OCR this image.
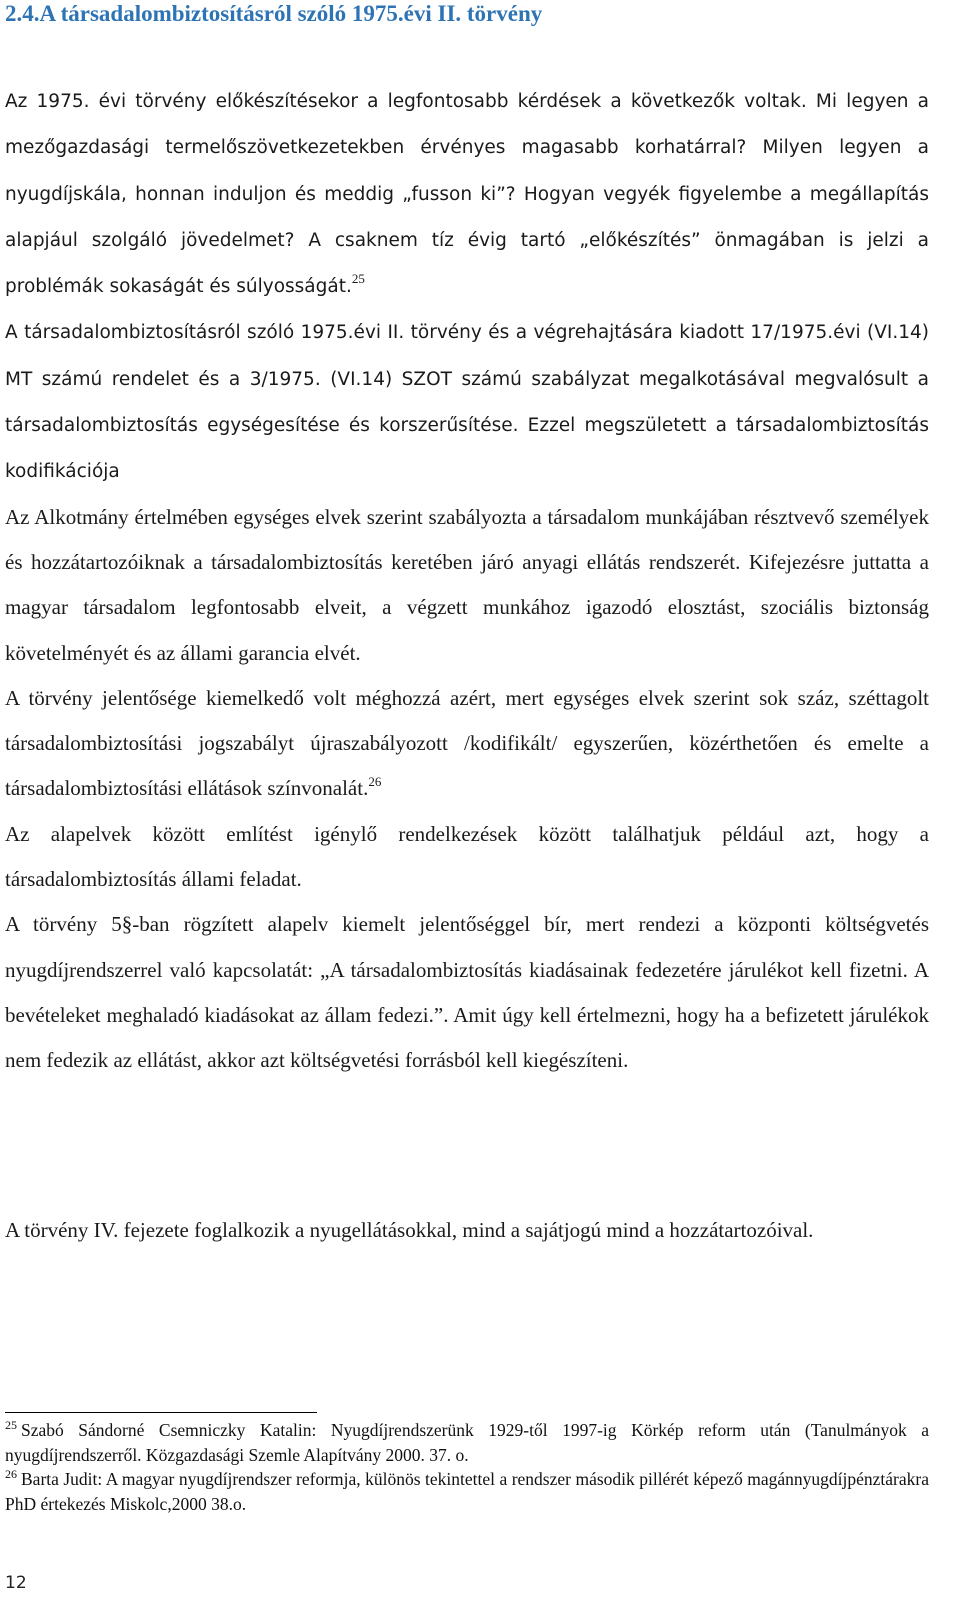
2.4.A társadalombiztosításról szóló 1975.évi II. törvény

Az 1975. évi törvény előkészítésekor a legfontosabb kérdések a következők voltak. Mi legyen a mezőgazdasági termelőszövetkezetekben érvényes magasabb korhatárral? Milyen legyen a nyugdíjskála, honnan induljon és meddig „fusson ki”? Hogyan vegyék figyelembe a megállapítás alapjául szolgáló jövedelmet? A csaknem tíz évig tartó „előkészítés” önmagában is jelzi a problémák sokaságát és súlyosságát.$^{25}$

A társadalombiztosításról szóló 1975.évi II. törvény és a végrehajtására kiadott 17/1975.évi (VI.14) MT számú rendelet és a 3/1975. (VI.14) SZOT számú szabályzat megalkotásával megvalósult a társadalombiztosítás egységesítése és korszerűsítése. Ezzel megszületett a társadalombiztosítás kodifikációja

Az Alkotmány értelmében egységes elvek szerint szabályozta a társadalom munkájában résztvevő személyek és hozzátartozóiknak a társadalombiztosítás keretében járó anyagi ellátás rendszerét. Kifejezésre juttatta a magyar társadalom legfontosabb elveit, a végzett munkához igazodó elosztást, szociális biztonság követelményét és az állami garancia elvét.

A törvény jelentősége kiemelkedő volt méghozzá azért, mert egységes elvek szerint sok száz, széttagolt társadalombiztosítási jogszabályt újraszabályozott /kodifikált/ egyszerűen, közérthetően és emelte a társadalombiztosítási ellátások színvonalát.$^{26}$

Az alapelvek között említést igénylő rendelkezések között találhatjuk például azt, hogy a társadalombiztosítás állami feladat.

A törvény 5§-ban rögzített alapelv kiemelt jelentőséggel bír, mert rendezi a központi költségvetés nyugdíjrendszerrel való kapcsolatát: „A társadalombiztosítás kiadásainak fedezetére járulékot kell fizetni. A bevételeket meghaladó kiadásokat az állam fedezi.”. Amit úgy kell értelmezni, hogy ha a befizetett járulékok nem fedezik az ellátást, akkor azt költségvetési forrásból kell kiegészíteni.

A törvény IV. fejezete foglalkozik a nyugellátásokkal, mind a sajátjogú mind a hozzátartozóival.

$^{25}$ Szabó Sándorné Csemniczky Katalin: Nyugdíjrendszerünk 1929-től 1997-ig Körkép reform után (Tanulmányok a nyugdíjrendszerről. Közgazdasági Szemle Alapítvány 2000. 37. o.

$^{26}$ Barta Judit: A magyar nyugdíjrendszer reformja, különös tekintettel a rendszer második pillérét képező magánnyugdíjpénztárakra PhD értekezés Miskolc,2000 38.o.

12
